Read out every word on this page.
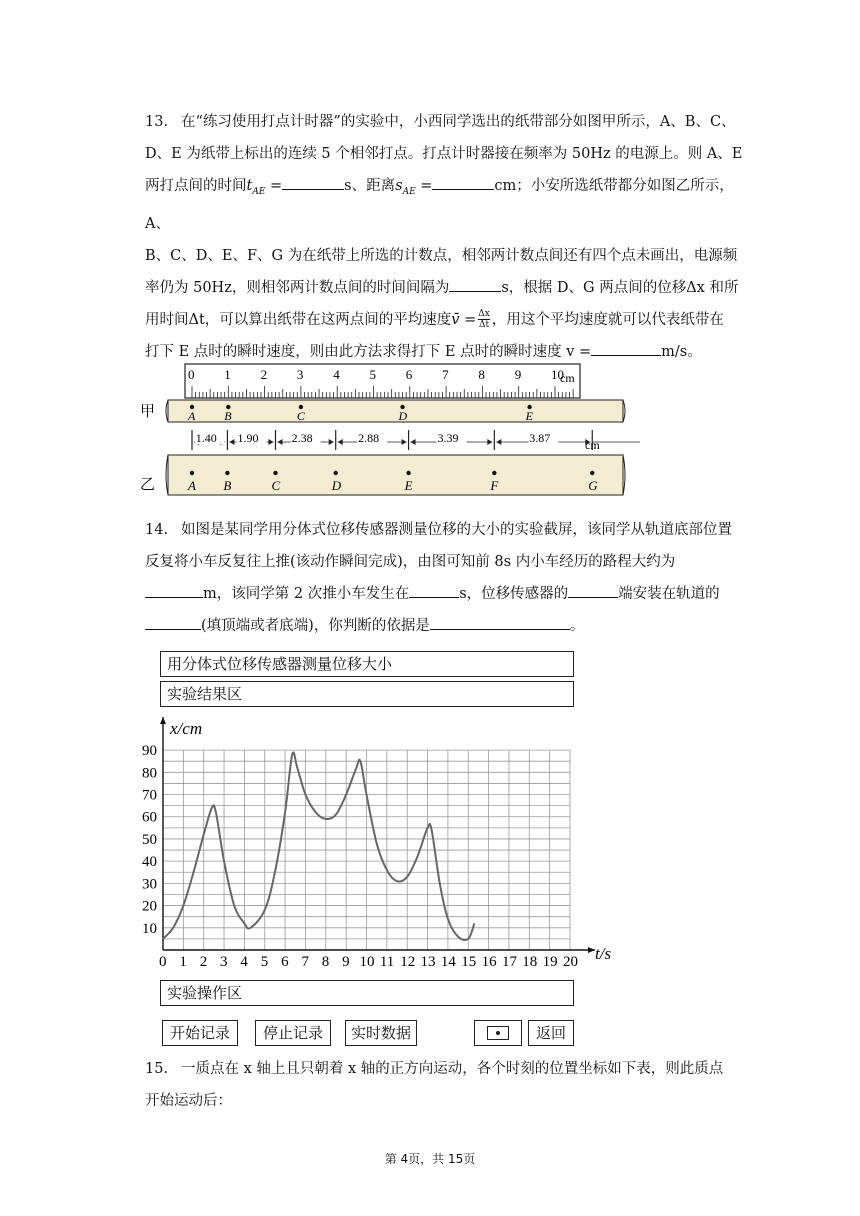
13. 在“练习使用打点计时器”的实验中，小西同学选出的纸带部分如图甲所示，A、B、C、
D、E 为纸带上标出的连续 5 个相邻打点。打点计时器接在频率为 50Hz 的电源上。则 A、E
两打点间的时间$t_{AE}$ =	s、距离$s_{AE}$ =	cm；小安所选纸带都分如图乙所示，A、
B、C、D、E、F、G 为在纸带上所选的计数点，相邻两计数点间还有四个点未画出，电源频
率仍为 50Hz，则相邻两计数点间的时间间隔为	s，根据 D、G 两点间的位移Δx 和所
用时间Δt，可以算出纸带在这两点间的平均速度v̄ = $\frac{\Delta x}{\Delta t}$ ，用这个平均速度就可以代表纸带在
打下 E 点时的瞬时速度，则由此方法求得打下 E 点时的瞬时速度 v =	m/s。
0 1 2 3 4 5 6 7 8 9 10
cm
甲	A B	C	D	E
1.40 1.90	2.38	2.88	3.39	3.87	cm
乙	A B	C	D	E	F	G
14. 如图是某同学用分体式位移传感器测量位移的大小的实验截屏，该同学从轨道底部位置
反复将小车反复往上推(该动作瞬间完成)，由图可知前 8s 内小车经历的路程大约为
m，该同学第 2 次推小车发生在	s，位移传感器的	端安装在轨道的
(填顶端或者底端)，你判断的依据是	。
用分体式位移传感器测量位移大小
实验结果区
0 1 2 3 4 5 6 7 8 9 10 11 12 13 14 15 16 17 18 19 20
10
20
30
40
50
60
70
80
90
x/cm
t/s
实验操作区
开始记录	停止记录	实时数据	返回
15. 一质点在 x 轴上且只朝着 x 轴的正方向运动，各个时刻的位置坐标如下表，则此质点
开始运动后：
第 4页，共 15页
